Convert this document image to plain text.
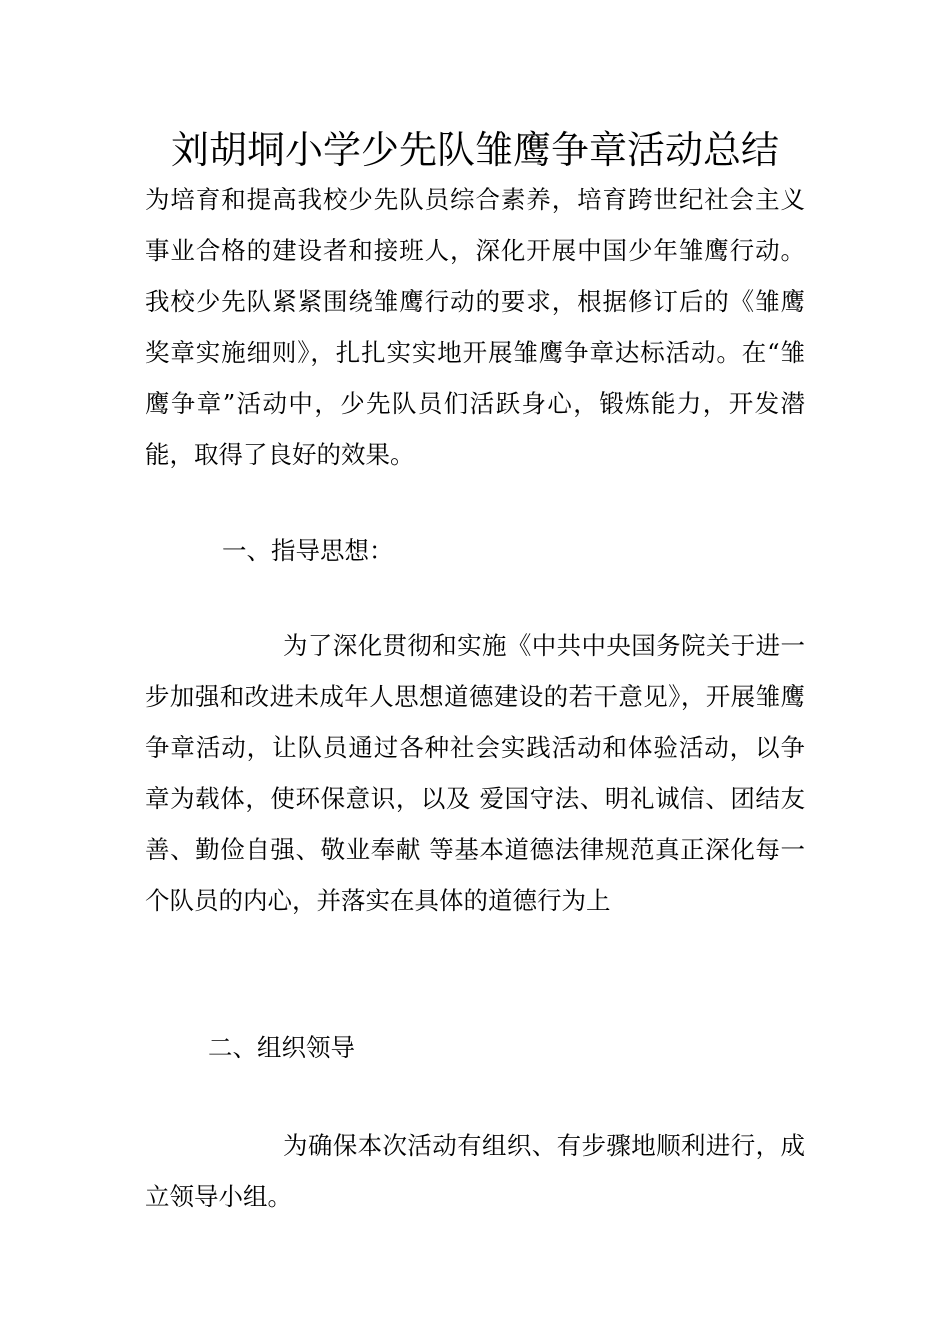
刘胡垌小学少先队雏鹰争章活动总结

为培育和提高我校少先队员综合素养，培育跨世纪社会主义事业合格的建设者和接班人，深化开展中国少年雏鹰行动。我校少先队紧紧围绕雏鹰行动的要求，根据修订后的《雏鹰奖章实施细则》，扎扎实实地开展雏鹰争章达标活动。在“雏鹰争章”活动中，少先队员们活跃身心，锻炼能力，开发潜能，取得了良好的效果。

一、指导思想：

为了深化贯彻和实施《中共中央国务院关于进一步加强和改进未成年人思想道德建设的若干意见》，开展雏鹰争章活动，让队员通过各种社会实践活动和体验活动，以争章为载体，使环保意识，以及 爱国守法、明礼诚信、团结友善、勤俭自强、敬业奉献 等基本道德法律规范真正深化每一个队员的内心，并落实在具体的道德行为上

二、组织领导

为确保本次活动有组织、有步骤地顺利进行，成立领导小组。
